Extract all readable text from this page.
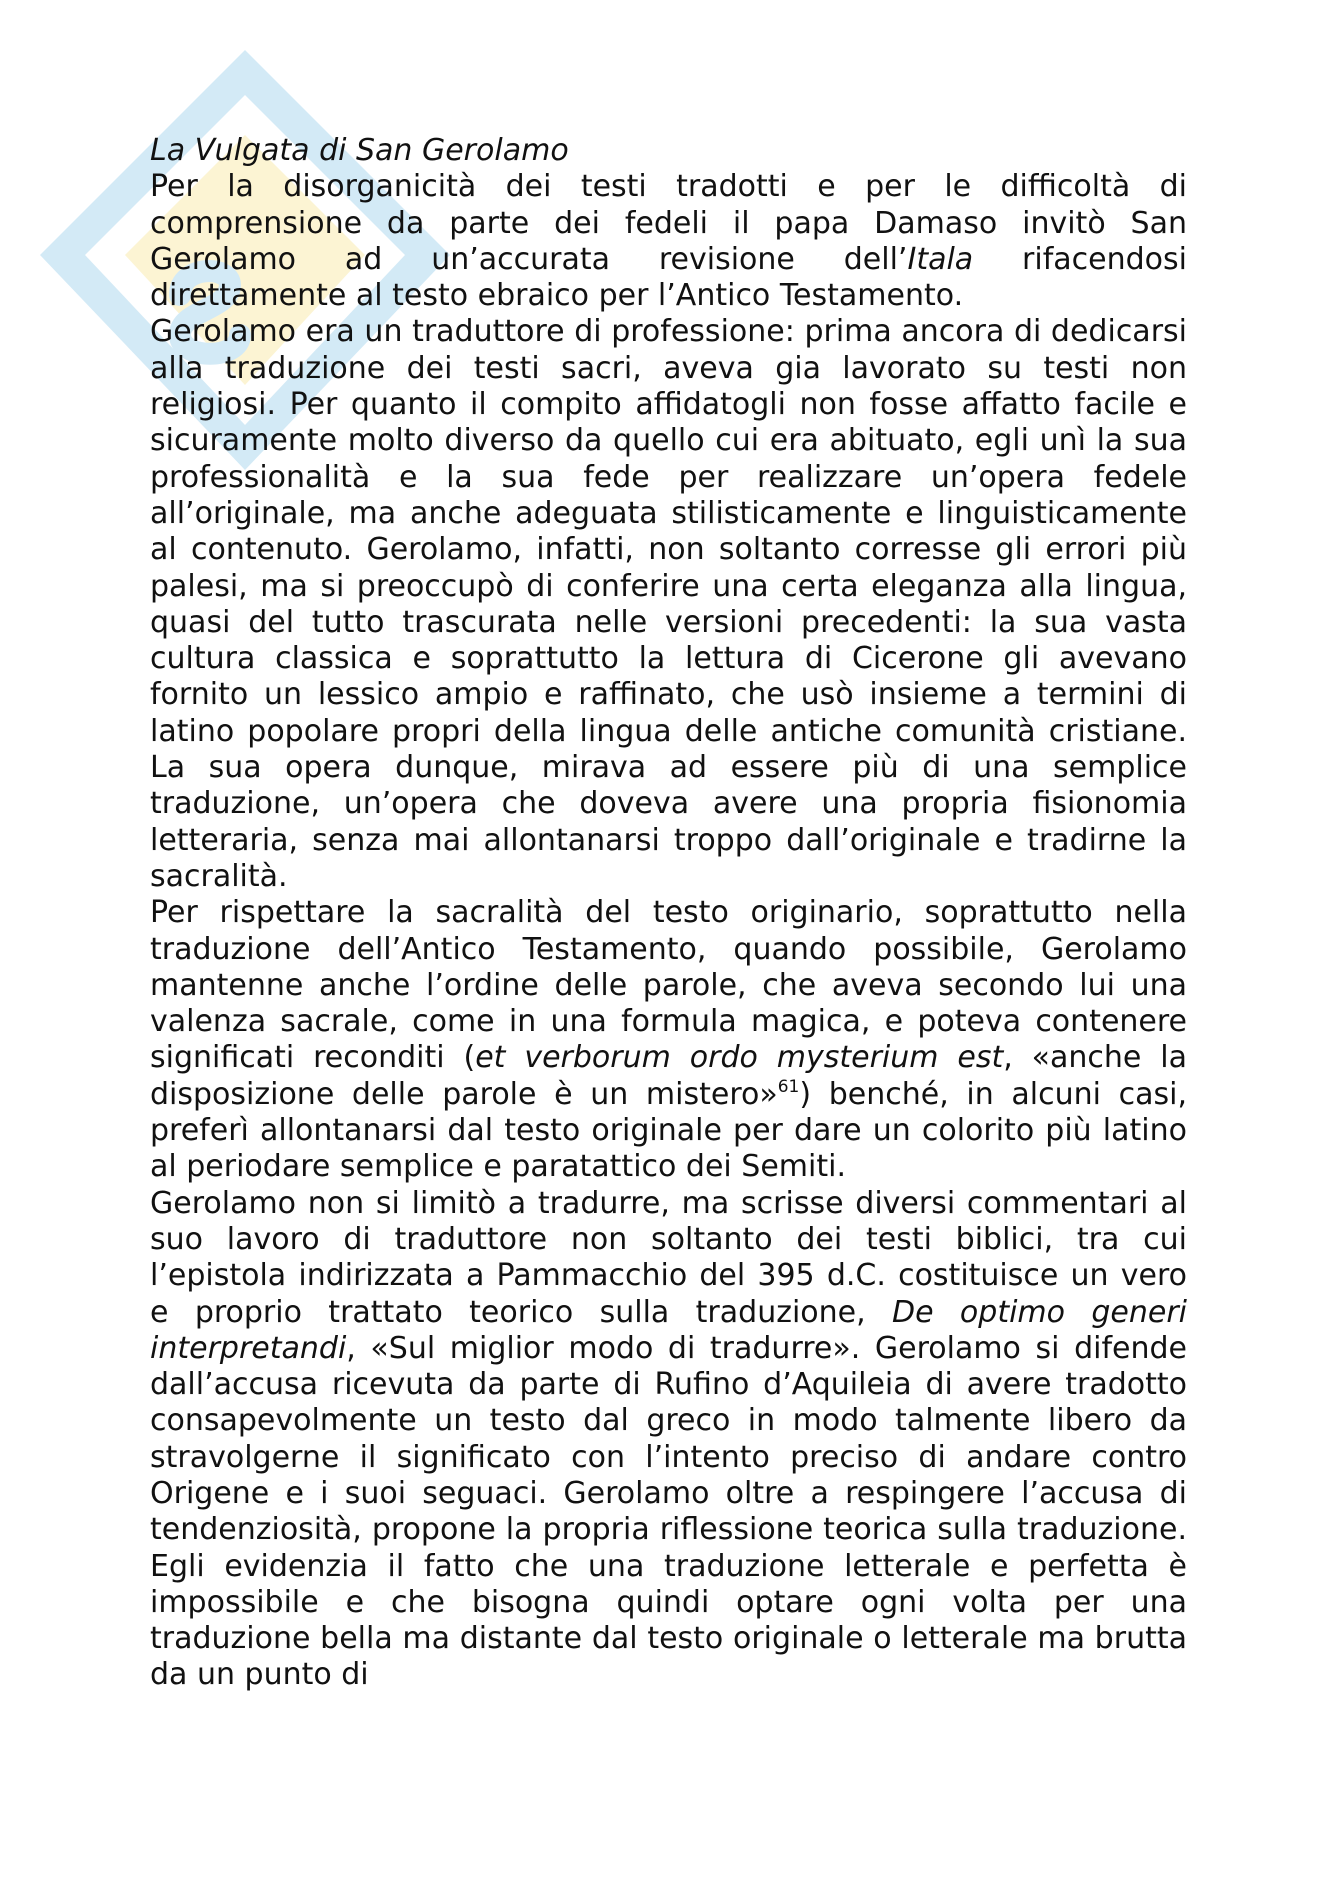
La Vulgata di San Gerolamo

Per la disorganicità dei testi tradotti e per le difficoltà di comprensione da parte dei fedeli il papa Damaso invitò San Gerolamo ad un’accurata revisione dell’Itala rifacendosi direttamente al testo ebraico per l’Antico Testamento.

Gerolamo era un traduttore di professione: prima ancora di dedicarsi alla traduzione dei testi sacri, aveva gia lavorato su testi non religiosi. Per quanto il compito affidatogli non fosse affatto facile e sicuramente molto diverso da quello cui era abituato, egli unì la sua professionalità e la sua fede per realizzare un’opera fedele all’originale, ma anche adeguata stilisticamente e linguisticamente al contenuto. Gerolamo, infatti, non soltanto corresse gli errori più palesi, ma si preoccupò di conferire una certa eleganza alla lingua, quasi del tutto trascurata nelle versioni precedenti: la sua vasta cultura classica e soprattutto la lettura di Cicerone gli avevano fornito un lessico ampio e raffinato, che usò insieme a termini di latino popolare propri della lingua delle antiche comunità cristiane. La sua opera dunque, mirava ad essere più di una semplice traduzione, un’opera che doveva avere una propria fisionomia letteraria, senza mai allontanarsi troppo dall’originale e tradirne la sacralità.

Per rispettare la sacralità del testo originario, soprattutto nella traduzione dell’Antico Testamento, quando possibile, Gerolamo mantenne anche l’ordine delle parole, che aveva secondo lui una valenza sacrale, come in una formula magica, e poteva contenere significati reconditi (et verborum ordo mysterium est, «anche la disposizione delle parole è un mistero»$^{61}$) benché, in alcuni casi, preferì allontanarsi dal testo originale per dare un colorito più latino al periodare semplice e paratattico dei Semiti.

Gerolamo non si limitò a tradurre, ma scrisse diversi commentari al suo lavoro di traduttore non soltanto dei testi biblici, tra cui l’epistola indirizzata a Pammacchio del 395 d.C. costituisce un vero e proprio trattato teorico sulla traduzione, De optimo generi interpretandi, «Sul miglior modo di tradurre». Gerolamo si difende dall’accusa ricevuta da parte di Rufino d’Aquileia di avere tradotto consapevolmente un testo dal greco in modo talmente libero da stravolgerne il significato con l’intento preciso di andare contro Origene e i suoi seguaci. Gerolamo oltre a respingere l’accusa di tendenziosità, propone la propria riflessione teorica sulla traduzione. Egli evidenzia il fatto che una traduzione letterale e perfetta è impossibile e che bisogna quindi optare ogni volta per una traduzione bella ma distante dal testo originale o letterale ma brutta da un punto di
